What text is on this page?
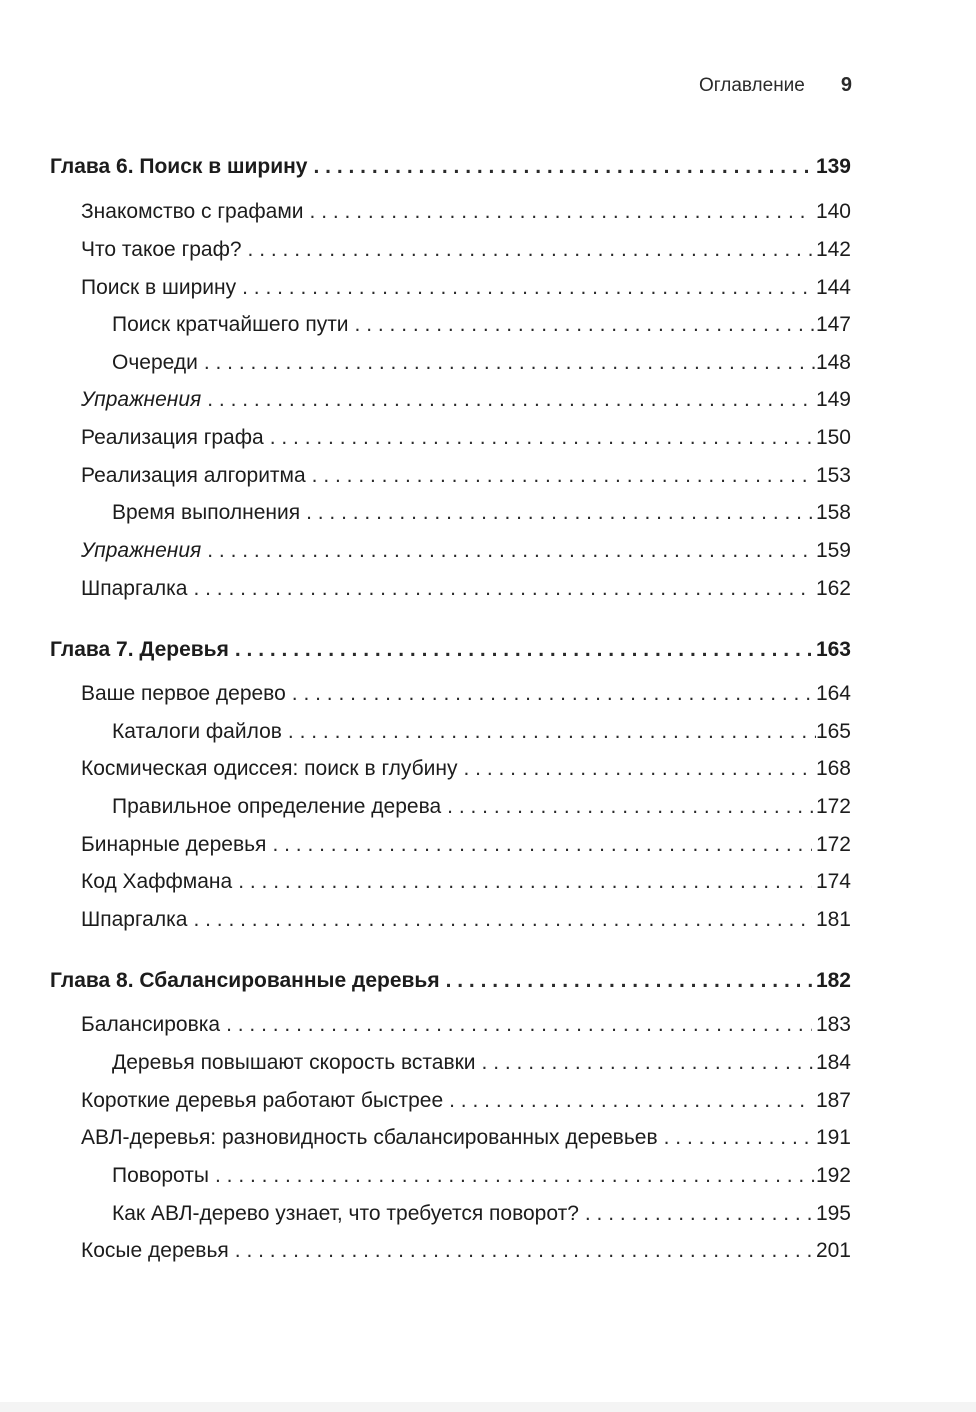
Оглавление 9
Глава 6. Поиск в ширину . . .	139
Знакомство с графами . . .	140
Что такое граф? . . .	142
Поиск в ширину . . .	144
Поиск кратчайшего пути . . .	147
Очереди . . .	148
Упражнения . . .	149
Реализация графа . . .	150
Реализация алгоритма . . .	153
Время выполнения . . .	158
Упражнения . . .	159
Шпаргалка . . .	162
Глава 7. Деревья . . .	163
Ваше первое дерево . . .	164
Каталоги файлов . . .	165
Космическая одиссея: поиск в глубину . . .	168
Правильное определение дерева . . .	172
Бинарные деревья . . .	172
Код Хаффмана . . .	174
Шпаргалка . . .	181
Глава 8. Сбалансированные деревья . . .	182
Балансировка . . .	183
Деревья повышают скорость вставки . . .	184
Короткие деревья работают быстрее . . .	187
АВЛ-деревья: разновидность сбалансированных деревьев . . .	191
Повороты . . .	192
Как АВЛ-дерево узнает, что требуется поворот? . . .	195
Косые деревья . . .	201
